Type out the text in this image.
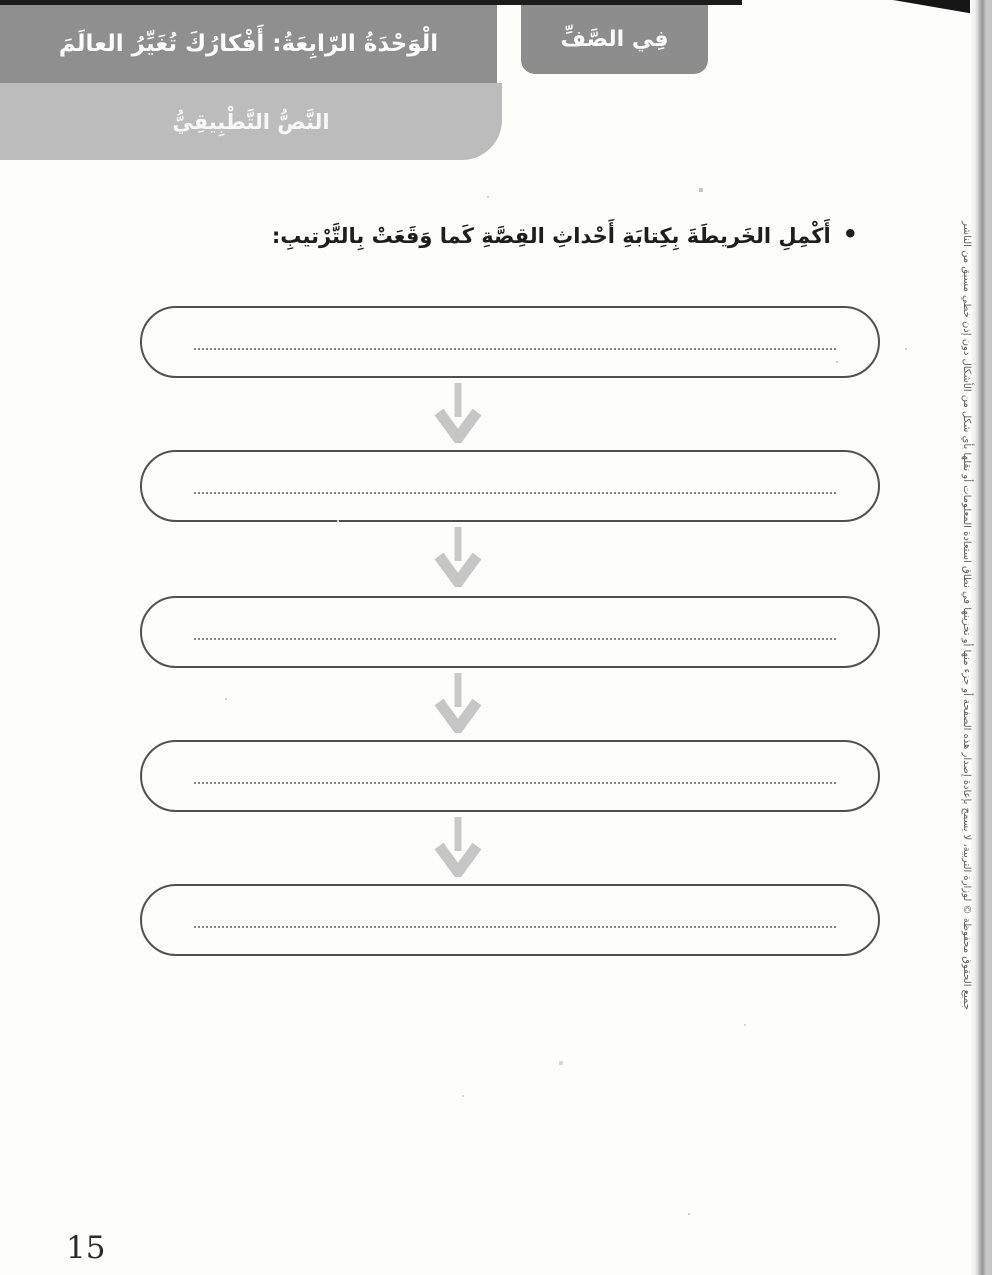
الْوَحْدَةُ الرّابِعَةُ: أَفْكارُكَ تُغَيِّرُ العالَمَ	فِي الصَّفِّ
النَّصُّ التَّطْبِيقِيُّ
•
أَكْمِلِ الخَريطَةَ بِكِتابَةِ أَحْداثِ القِصَّةِ كَما وَقَعَتْ بِالتَّرْتيبِ:
15
جميع الحقوق محفوظة © لوزارة التربية، لا يسمح بإعادة إصدار هذه الصفحة أو جزء منها أو تخزينها في نطاق استعادة المعلومات أو نقلها بأي شكل من الأشكال دون إذن خطي مسبق من الناشر
